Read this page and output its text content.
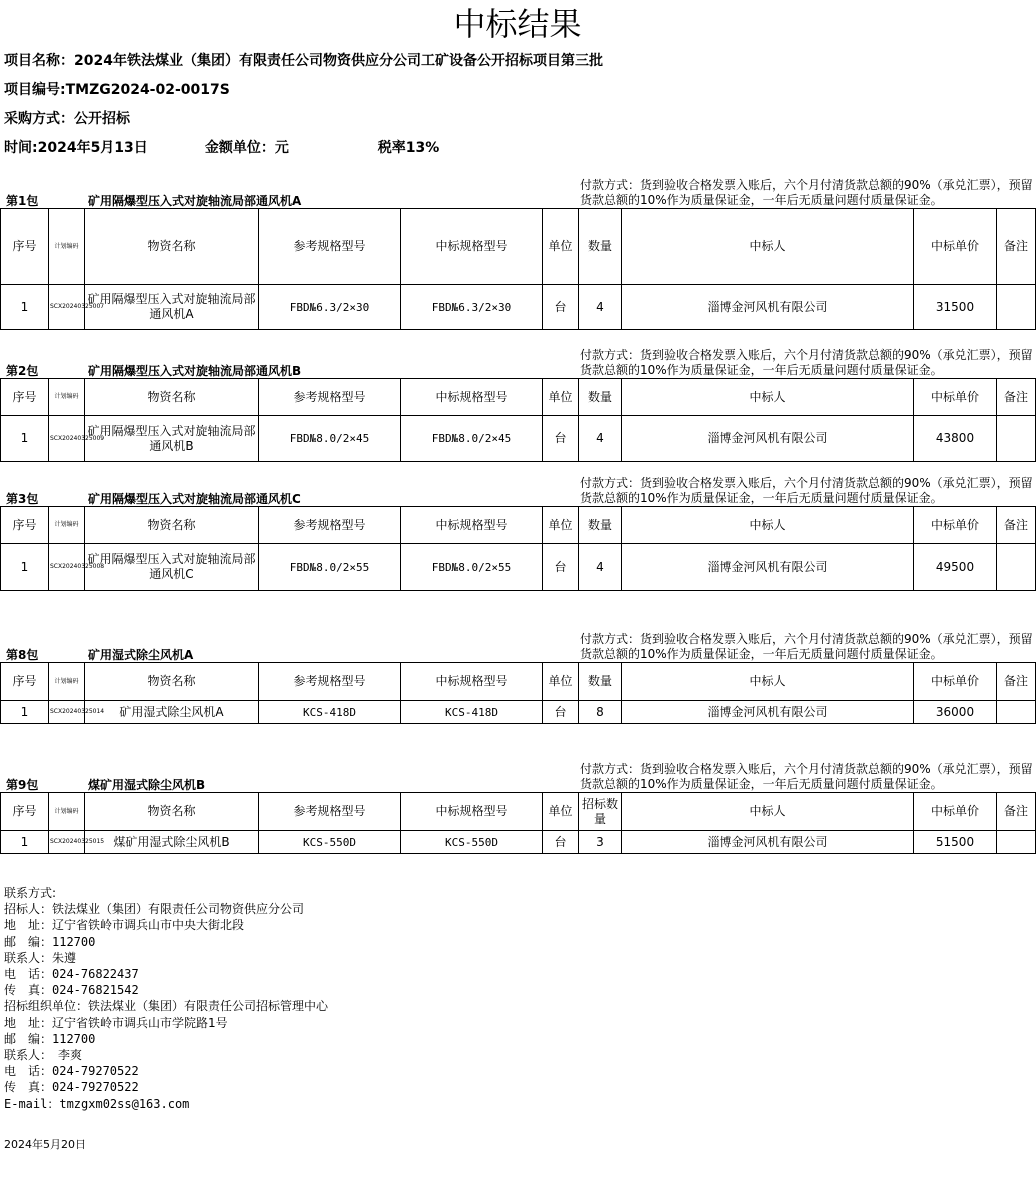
中标结果
项目名称：2024年铁法煤业（集团）有限责任公司物资供应分公司工矿设备公开招标项目第三批
项目编号:TMZG2024-02-0017S
采购方式：公开招标
时间:2024年5月13日	金额单位：元	税率13%
第1包	矿用隔爆型压入式对旋轴流局部通风机A
付款方式：货到验收合格发票入账后，六个月付清货款总额的90%（承兑汇票），预留货款总额的10%作为质量保证金，一年后无质量问题付质量保证金。
序号	计划编码	物资名称	参考规格型号	中标规格型号	单位	数量	中标人	中标单价	备注
1	SCX20240325007	矿用隔爆型压入式对旋轴流局部通风机A	FBD№6.3/2×30	FBD№6.3/2×30	台	4	淄博金河风机有限公司	31500	
第2包	矿用隔爆型压入式对旋轴流局部通风机B
付款方式：货到验收合格发票入账后，六个月付清货款总额的90%（承兑汇票），预留货款总额的10%作为质量保证金，一年后无质量问题付质量保证金。
序号	计划编码	物资名称	参考规格型号	中标规格型号	单位	数量	中标人	中标单价	备注
1	SCX20240325009	矿用隔爆型压入式对旋轴流局部通风机B	FBD№8.0/2×45	FBD№8.0/2×45	台	4	淄博金河风机有限公司	43800	
第3包	矿用隔爆型压入式对旋轴流局部通风机C
付款方式：货到验收合格发票入账后，六个月付清货款总额的90%（承兑汇票），预留货款总额的10%作为质量保证金，一年后无质量问题付质量保证金。
序号	计划编码	物资名称	参考规格型号	中标规格型号	单位	数量	中标人	中标单价	备注
1	SCX20240325008	矿用隔爆型压入式对旋轴流局部通风机C	FBD№8.0/2×55	FBD№8.0/2×55	台	4	淄博金河风机有限公司	49500	
第8包	矿用湿式除尘风机A
付款方式：货到验收合格发票入账后，六个月付清货款总额的90%（承兑汇票），预留货款总额的10%作为质量保证金，一年后无质量问题付质量保证金。
序号	计划编码	物资名称	参考规格型号	中标规格型号	单位	数量	中标人	中标单价	备注
1	SCX20240325014	矿用湿式除尘风机A	KCS-418D	KCS-418D	台	8	淄博金河风机有限公司	36000	
第9包	煤矿用湿式除尘风机B
付款方式：货到验收合格发票入账后，六个月付清货款总额的90%（承兑汇票），预留货款总额的10%作为质量保证金，一年后无质量问题付质量保证金。
序号	计划编码	物资名称	参考规格型号	中标规格型号	单位	招标数量	中标人	中标单价	备注
1	SCX20240325015	煤矿用湿式除尘风机B	KCS-550D	KCS-550D	台	3	淄博金河风机有限公司	51500	
联系方式:
招标人：铁法煤业（集团）有限责任公司物资供应分公司
地　址：辽宁省铁岭市调兵山市中央大街北段
邮　编：112700
联系人：朱遵
电　话：024-76822437
传　真：024-76821542
招标组织单位：铁法煤业（集团）有限责任公司招标管理中心
地　址：辽宁省铁岭市调兵山市学院路1号
邮　编：112700
联系人：　李爽
电　话：024-79270522
传　真：024-79270522
E-mail：tmzgxm02ss@163.com
2024年5月20日
